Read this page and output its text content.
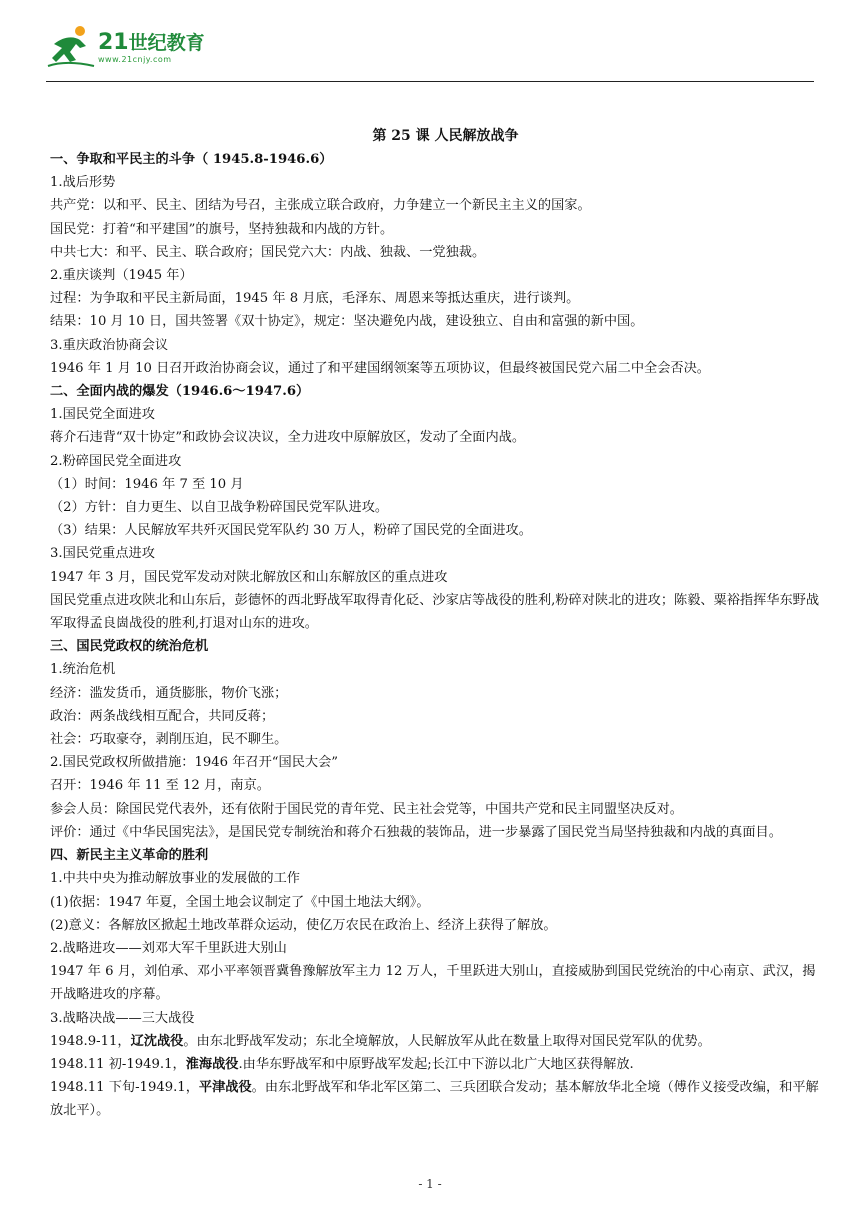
21世纪教育
www.21cnjy.com
第 25 课 人民解放战争
一、争取和平民主的斗争（ 1945.8-1946.6）
1.战后形势
共产党：以和平、民主、团结为号召，主张成立联合政府，力争建立一个新民主主义的国家。
国民党：打着“和平建国”的旗号，坚持独裁和内战的方针。
中共七大：和平、民主、联合政府；国民党六大：内战、独裁、一党独裁。
2.重庆谈判（1945 年）
过程：为争取和平民主新局面，1945 年 8 月底，毛泽东、周恩来等抵达重庆，进行谈判。
结果：10 月 10 日，国共签署《双十协定》，规定：坚决避免内战，建设独立、自由和富强的新中国。
3.重庆政治协商会议
1946 年 1 月 10 日召开政治协商会议，通过了和平建国纲领案等五项协议，但最终被国民党六届二中全会否决。
二、全面内战的爆发（1946.6～1947.6）
1.国民党全面进攻
蒋介石违背“双十协定”和政协会议决议，全力进攻中原解放区，发动了全面内战。
2.粉碎国民党全面进攻
（1）时间：1946 年 7 至 10 月
（2）方针：自力更生、以自卫战争粉碎国民党军队进攻。
（3）结果：人民解放军共歼灭国民党军队约 30 万人，粉碎了国民党的全面进攻。
3.国民党重点进攻
1947 年 3 月，国民党军发动对陕北解放区和山东解放区的重点进攻
国民党重点进攻陕北和山东后，彭德怀的西北野战军取得青化砭、沙家店等战役的胜利,粉碎对陕北的进攻；陈毅、粟裕指挥华东野战军取得孟良崮战役的胜利,打退对山东的进攻。
三、国民党政权的统治危机
1.统治危机
经济：滥发货币，通货膨胀，物价飞涨；
政治：两条战线相互配合，共同反蒋；
社会：巧取豪夺，剥削压迫，民不聊生。
2.国民党政权所做措施：1946 年召开“国民大会”
召开：1946 年 11 至 12 月，南京。
参会人员：除国民党代表外，还有依附于国民党的青年党、民主社会党等，中国共产党和民主同盟坚决反对。
评价：通过《中华民国宪法》，是国民党专制统治和蒋介石独裁的装饰品，进一步暴露了国民党当局坚持独裁和内战的真面目。
四、新民主主义革命的胜利
1.中共中央为推动解放事业的发展做的工作
(1)依据：1947 年夏，全国土地会议制定了《中国土地法大纲》。
(2)意义：各解放区掀起土地改革群众运动，使亿万农民在政治上、经济上获得了解放。
2.战略进攻——刘邓大军千里跃进大别山
1947 年 6 月，刘伯承、邓小平率领晋冀鲁豫解放军主力 12 万人，千里跃进大别山，直接威胁到国民党统治的中心南京、武汉，揭开战略进攻的序幕。
3.战略决战——三大战役
1948.9-11，辽沈战役。由东北野战军发动；东北全境解放，人民解放军从此在数量上取得对国民党军队的优势。
1948.11 初-1949.1，淮海战役.由华东野战军和中原野战军发起;长江中下游以北广大地区获得解放.
1948.11 下旬-1949.1，平津战役。由东北野战军和华北军区第二、三兵团联合发动；基本解放华北全境（傅作义接受改编，和平解放北平）。
- 1 -
